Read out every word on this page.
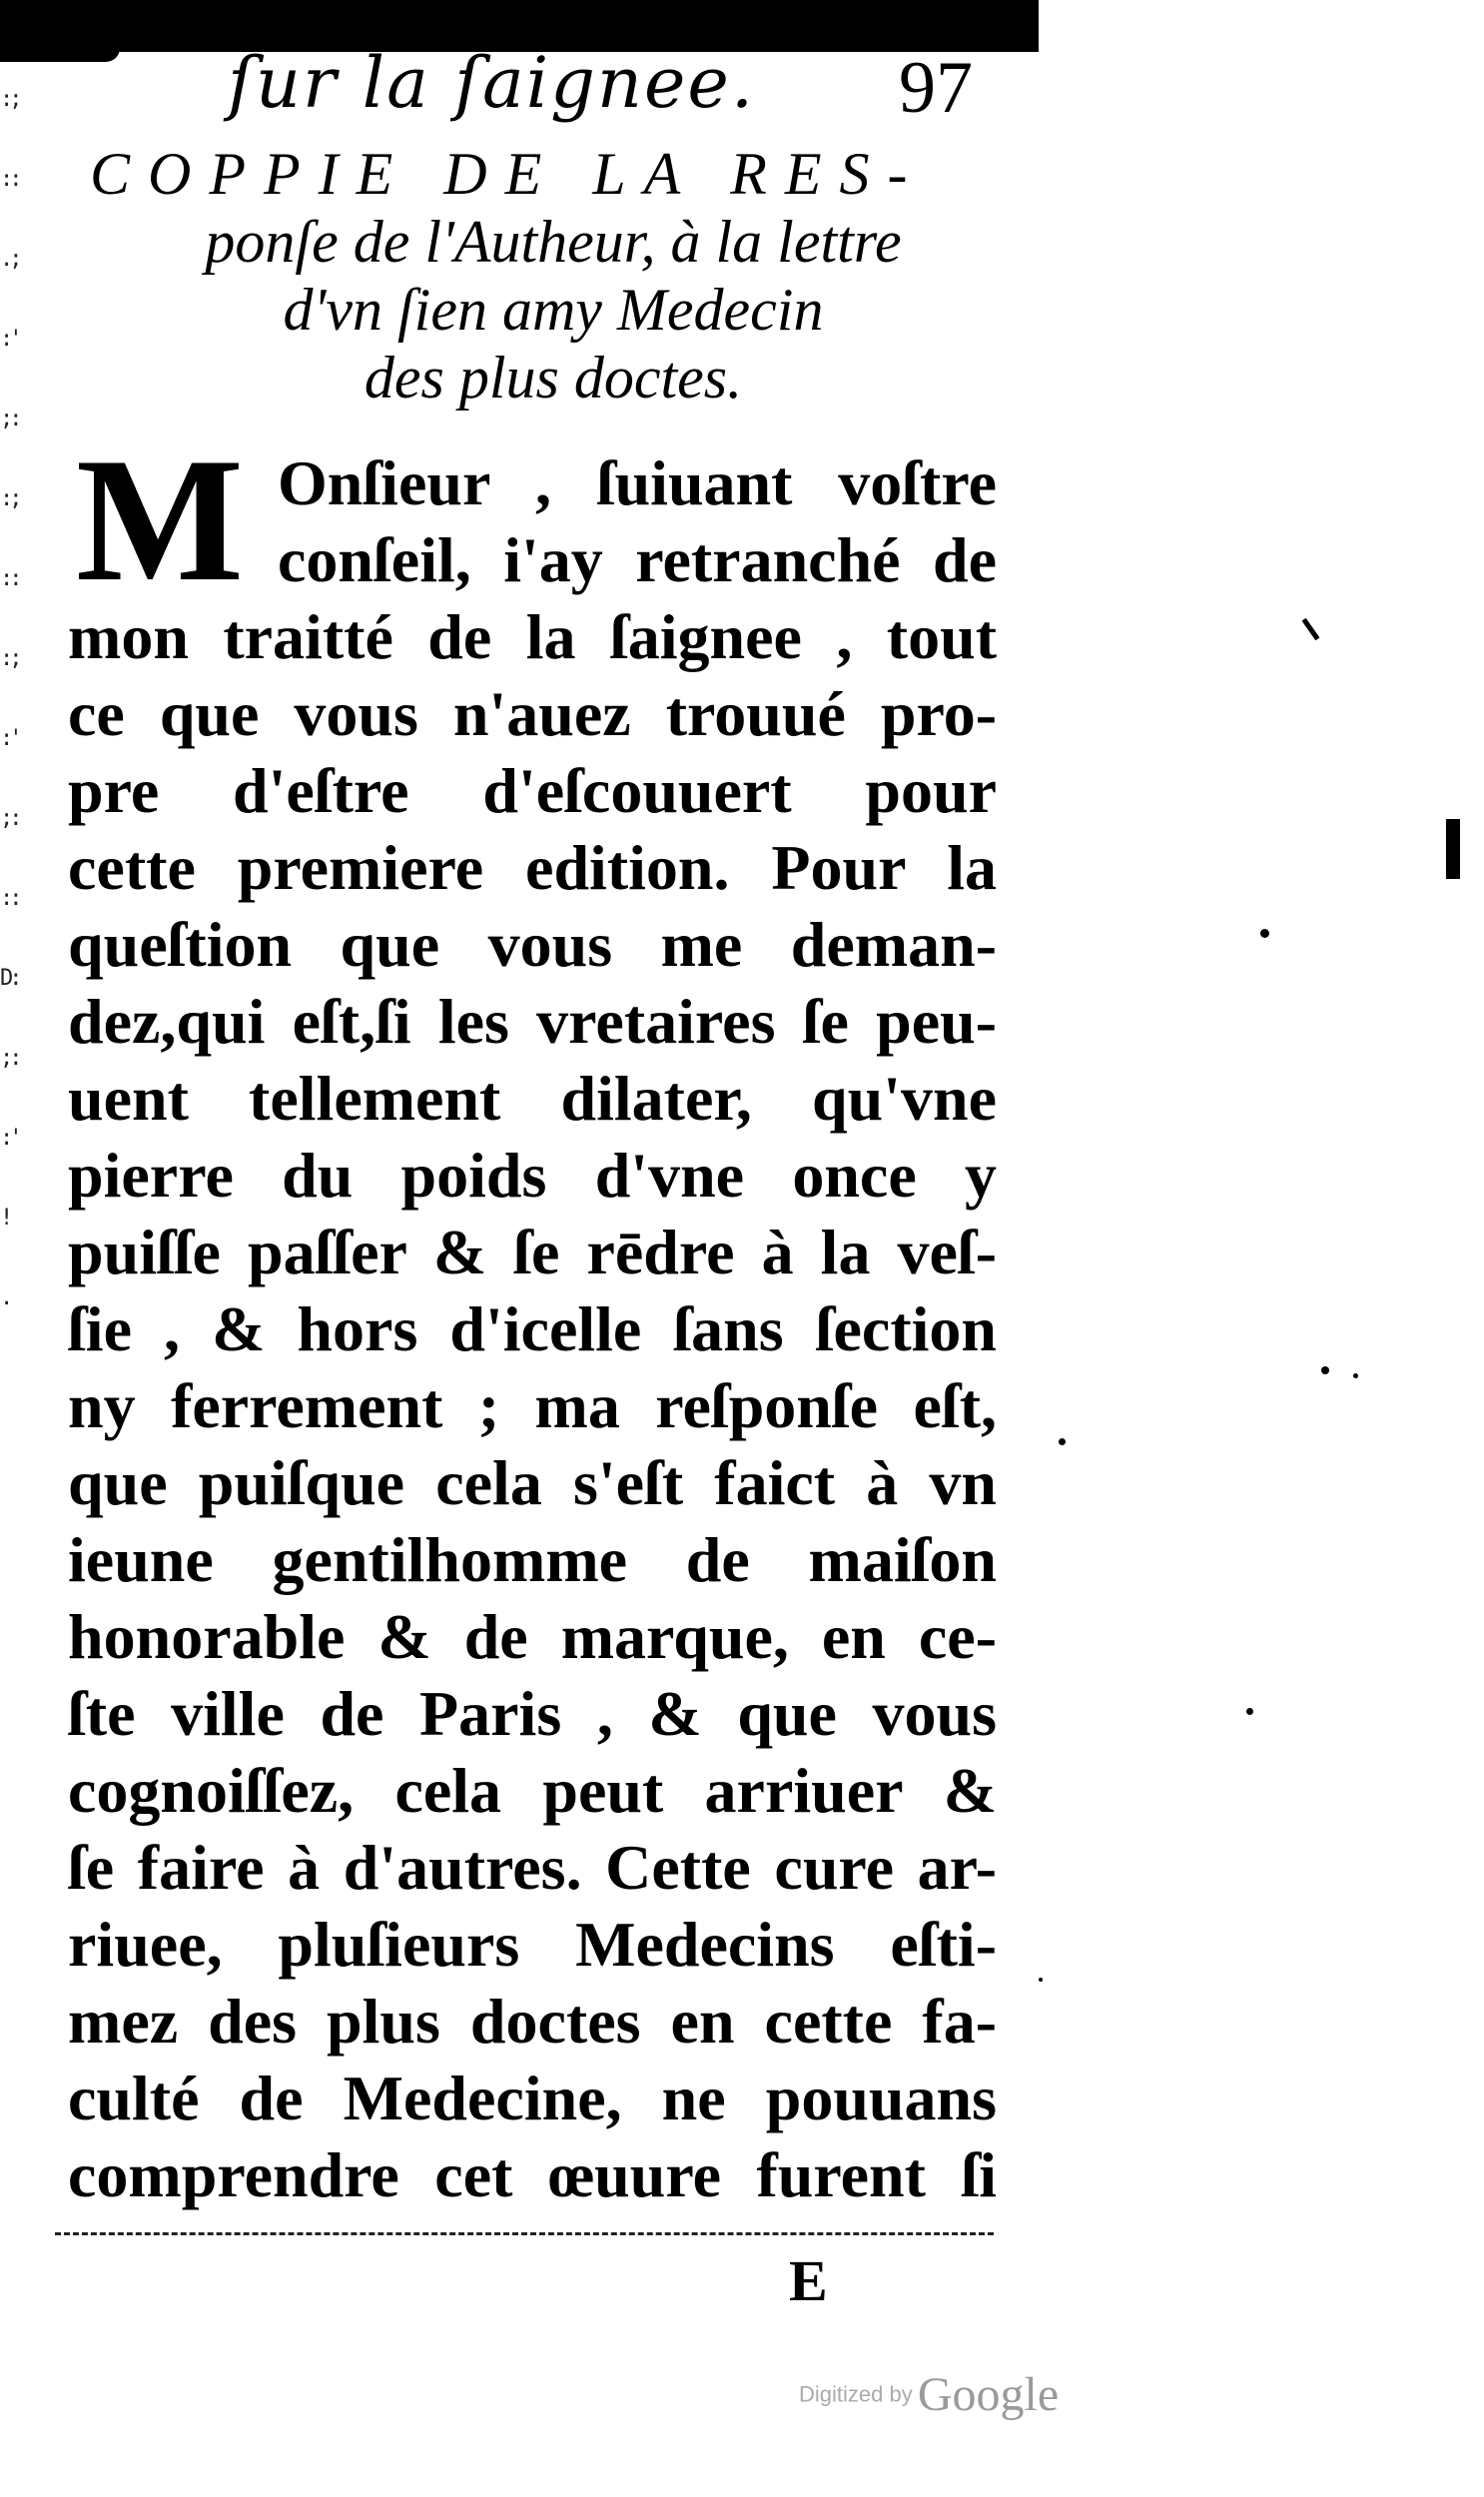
:;
::
.;
:'
;:
:;
::
:;
:'
;:
::
D:
;:
:'
!
.
ſur la ſaignee. 97
COPPIE DE LA RES-
ponſe de l'Autheur, à la lettre
d'vn ſien amy Medecin
des plus doctes.
M Onſieur , ſuiuant voſtre
conſeil, i'ay retranché de
mon traitté de la ſaignee , tout
ce que vous n'auez trouué pro-
pre d'eſtre d'eſcouuert pour
cette premiere edition. Pour la
queſtion que vous me deman-
dez,qui eſt,ſi les vretaires ſe peu-
uent tellement dilater, qu'vne
pierre du poids d'vne once y
puiſſe paſſer & ſe rēdre à la veſ-
ſie , & hors d'icelle ſans ſection
ny ferrement ; ma reſponſe eſt,
que puiſque cela s'eſt faict à vn
ieune gentilhomme de maiſon
honorable & de marque, en ce-
ſte ville de Paris , & que vous
cognoiſſez, cela peut arriuer &
ſe faire à d'autres. Cette cure ar-
riuee, pluſieurs Medecins eſti-
mez des plus doctes en cette fa-
culté de Medecine, ne pouuans
comprendre cet œuure furent ſi
E
Digitized by Google
